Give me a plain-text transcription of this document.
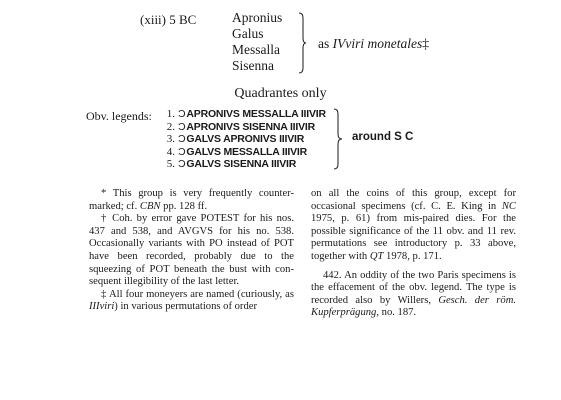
(xiii) 5 BC	Apronius
Galus
Messalla
Sisenna
as IVviri monetales‡
Quadrantes only
Obv. legends:	1. Ɔ APRONIVS MESSALLA IIIVIR
2. Ɔ APRONIVS SISENNA IIIVIR
3. Ɔ GALVS APRONIVS IIIVIR
4. Ɔ GALVS MESSALLA IIIVIR
5. Ɔ GALVS SISENNA IIIVIR
around S C

* This group is very frequently counter-marked; cf. CBN pp. 128 ff.

† Coh. by error gave POTEST for his nos. 437 and 538, and AVGVS for his no. 538. Occasionally variants with PO instead of POT have been recorded, probably due to the squeezing of POT beneath the bust with con-sequent illegibility of the last letter.

‡ All four moneyers are named (curiously, as IIIviri) in various permutations of order

on all the coins of this group, except for occasional specimens (cf. C. E. King in NC 1975, p. 61) from mis-paired dies. For the possible significance of the 11 obv. and 11 rev. permutations see introductory p. 33 above, together with QT 1978, p. 171.

442. An oddity of the two Paris specimens is the effacement of the obv. legend. The type is recorded also by Willers, Gesch. der röm. Kupferprägung, no. 187.
